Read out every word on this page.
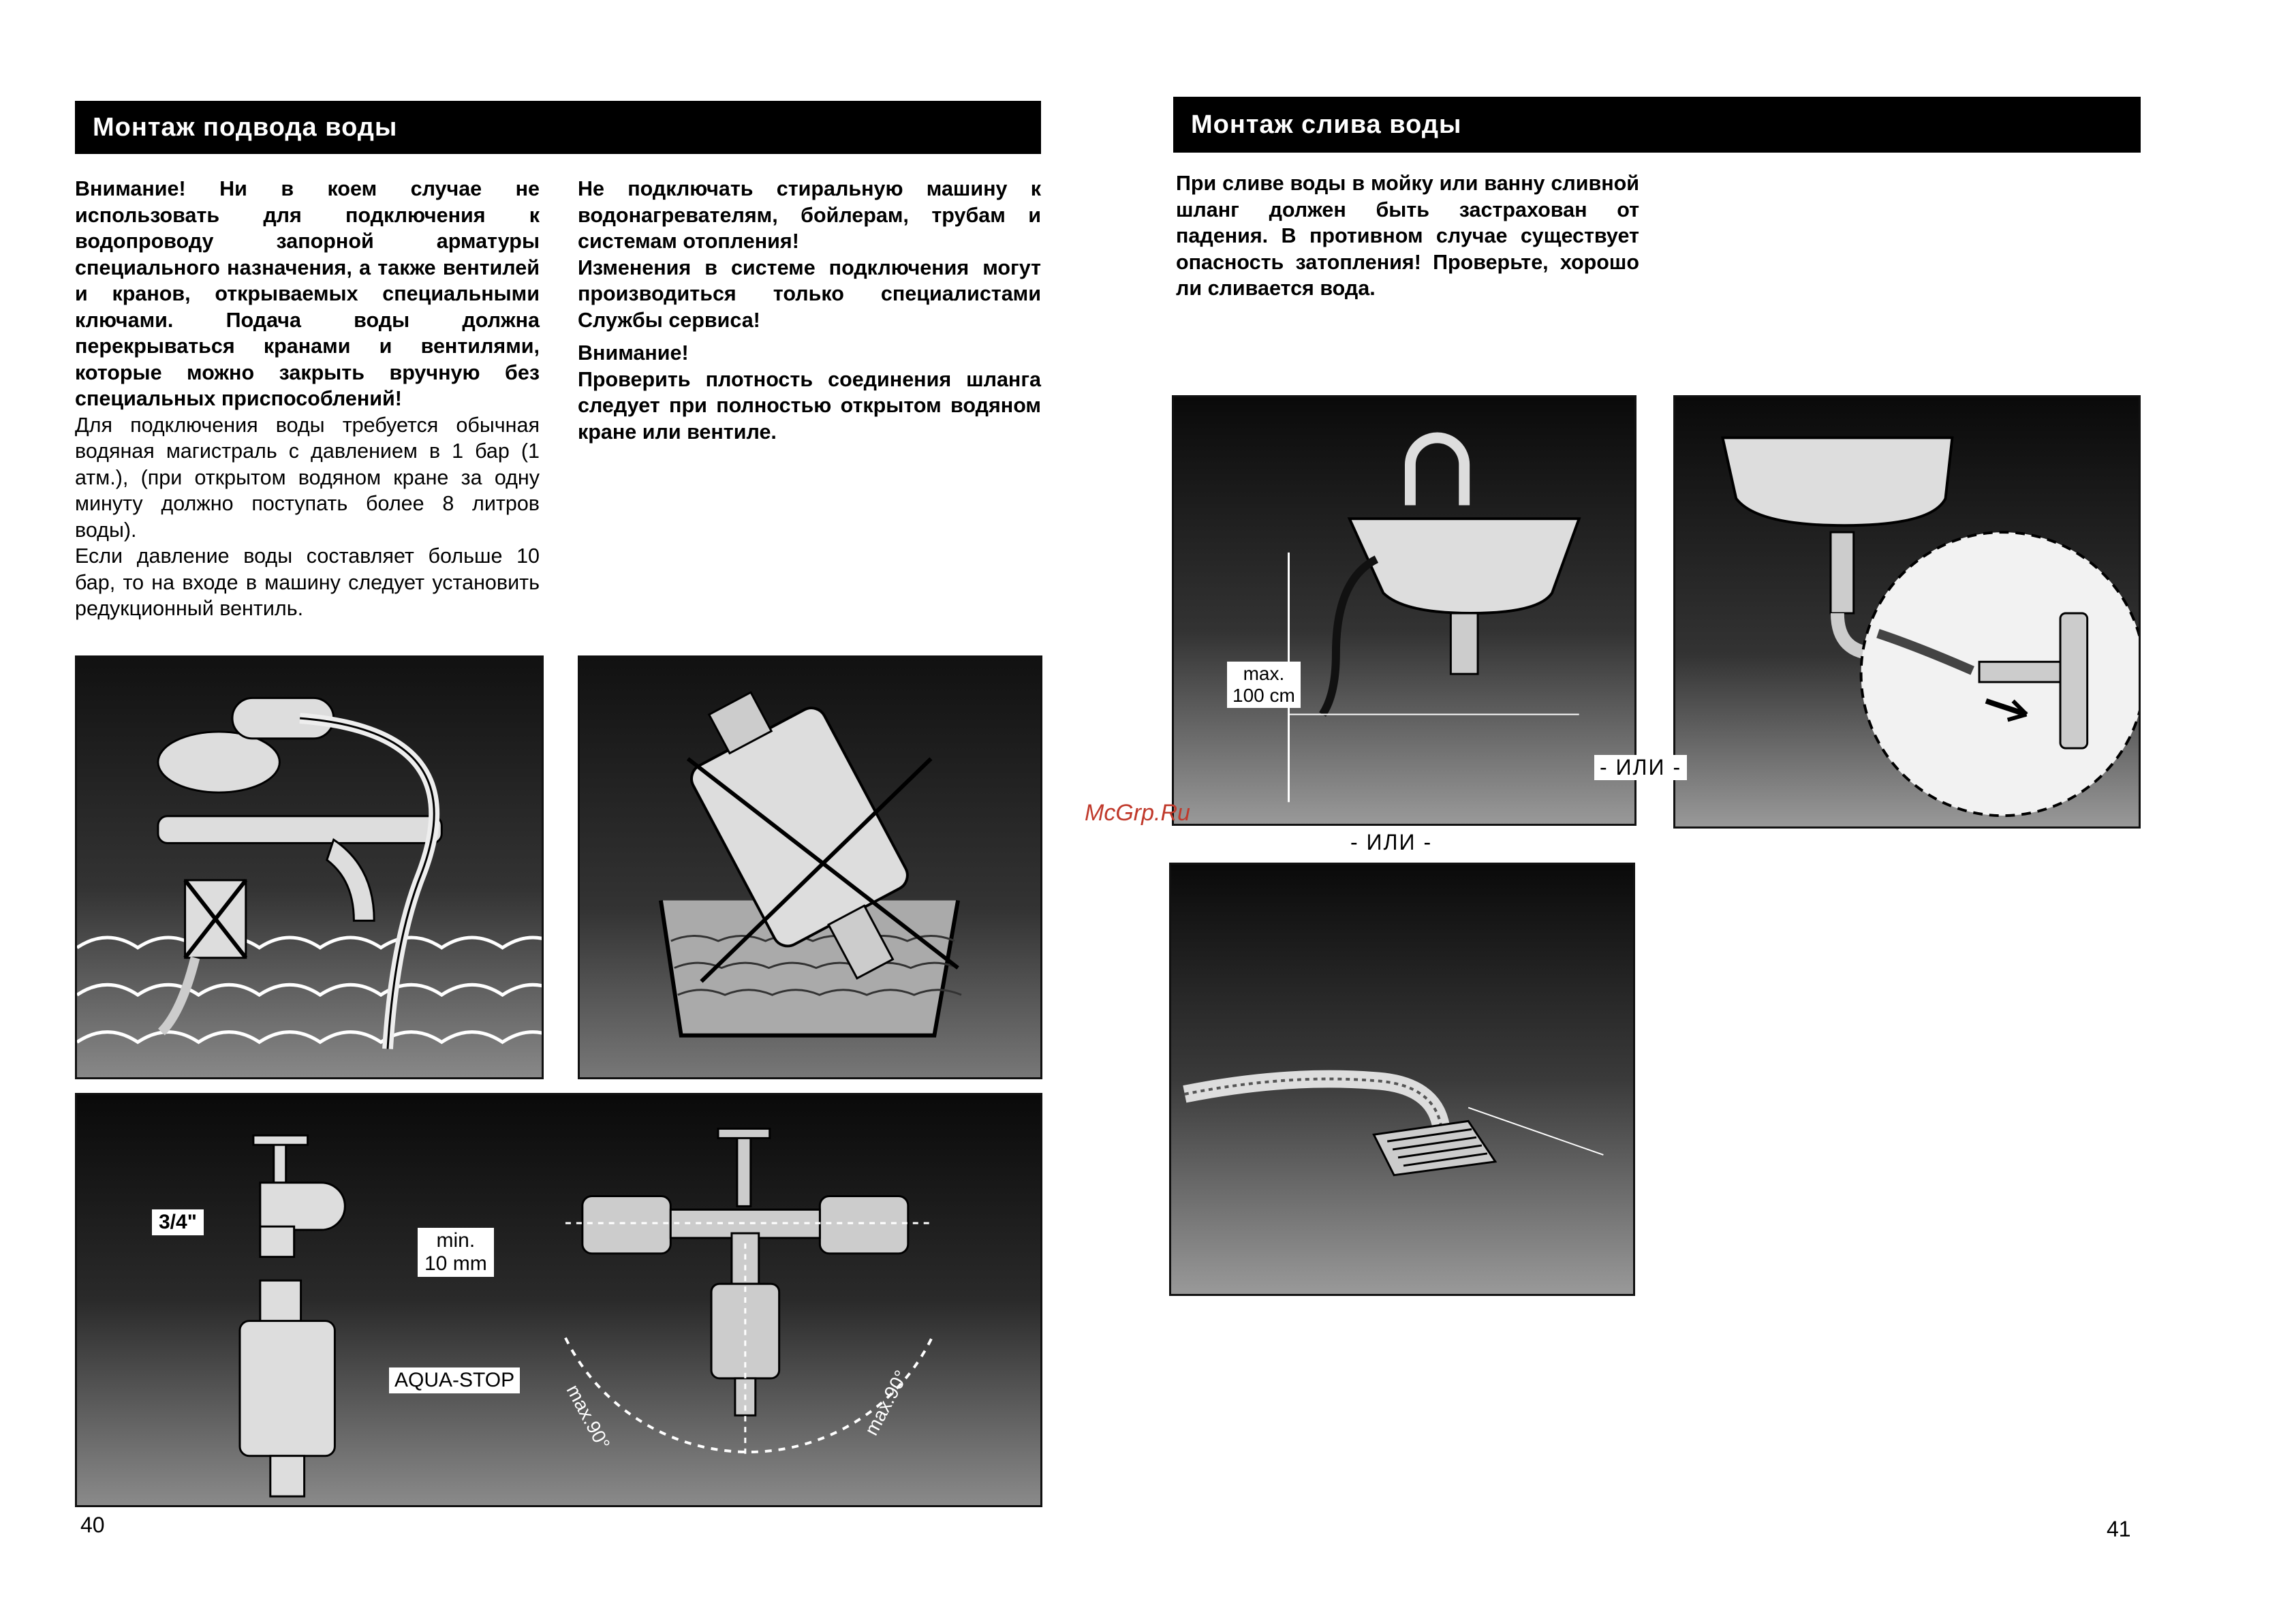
Монтаж подвода воды

Внимание! Ни в коем случае не использовать для подключения к водопроводу запорной арматуры специального назначения, а также вентилей и кранов, открываемых специальными ключами. Подача воды должна перекрываться кранами и вентилями, которые можно закрыть вручную без специальных приспособлений!

Для подключения воды требуется обычная водяная магистраль с давлением в 1 бар (1 атм.), (при открытом водяном кране за одну минуту должно поступать более 8 литров воды).

Если давление воды составляет больше 10 бар, то на входе в машину следует установить редукционный вентиль.

Не подключать стиральную машину к водонагревателям, бойлерам, трубам и системам отопления!

Изменения в системе подключения могут производиться только специалистами Службы сервиса!

Внимание!

Проверить плотность соединения шланга следует при полностью открытом водяном кране или вентиле.

3/4"
min.
10 mm
AQUA-STOP
max.90°	max.90°
40
Монтаж слива воды
При сливе воды в мойку или ванну сливной шланг должен быть застрахован от падения. В противном случае существует опасность затопления! Проверьте, хорошо ли сливается вода.
max.
100 cm
- ИЛИ -
- ИЛИ -
41
McGrp.Ru
